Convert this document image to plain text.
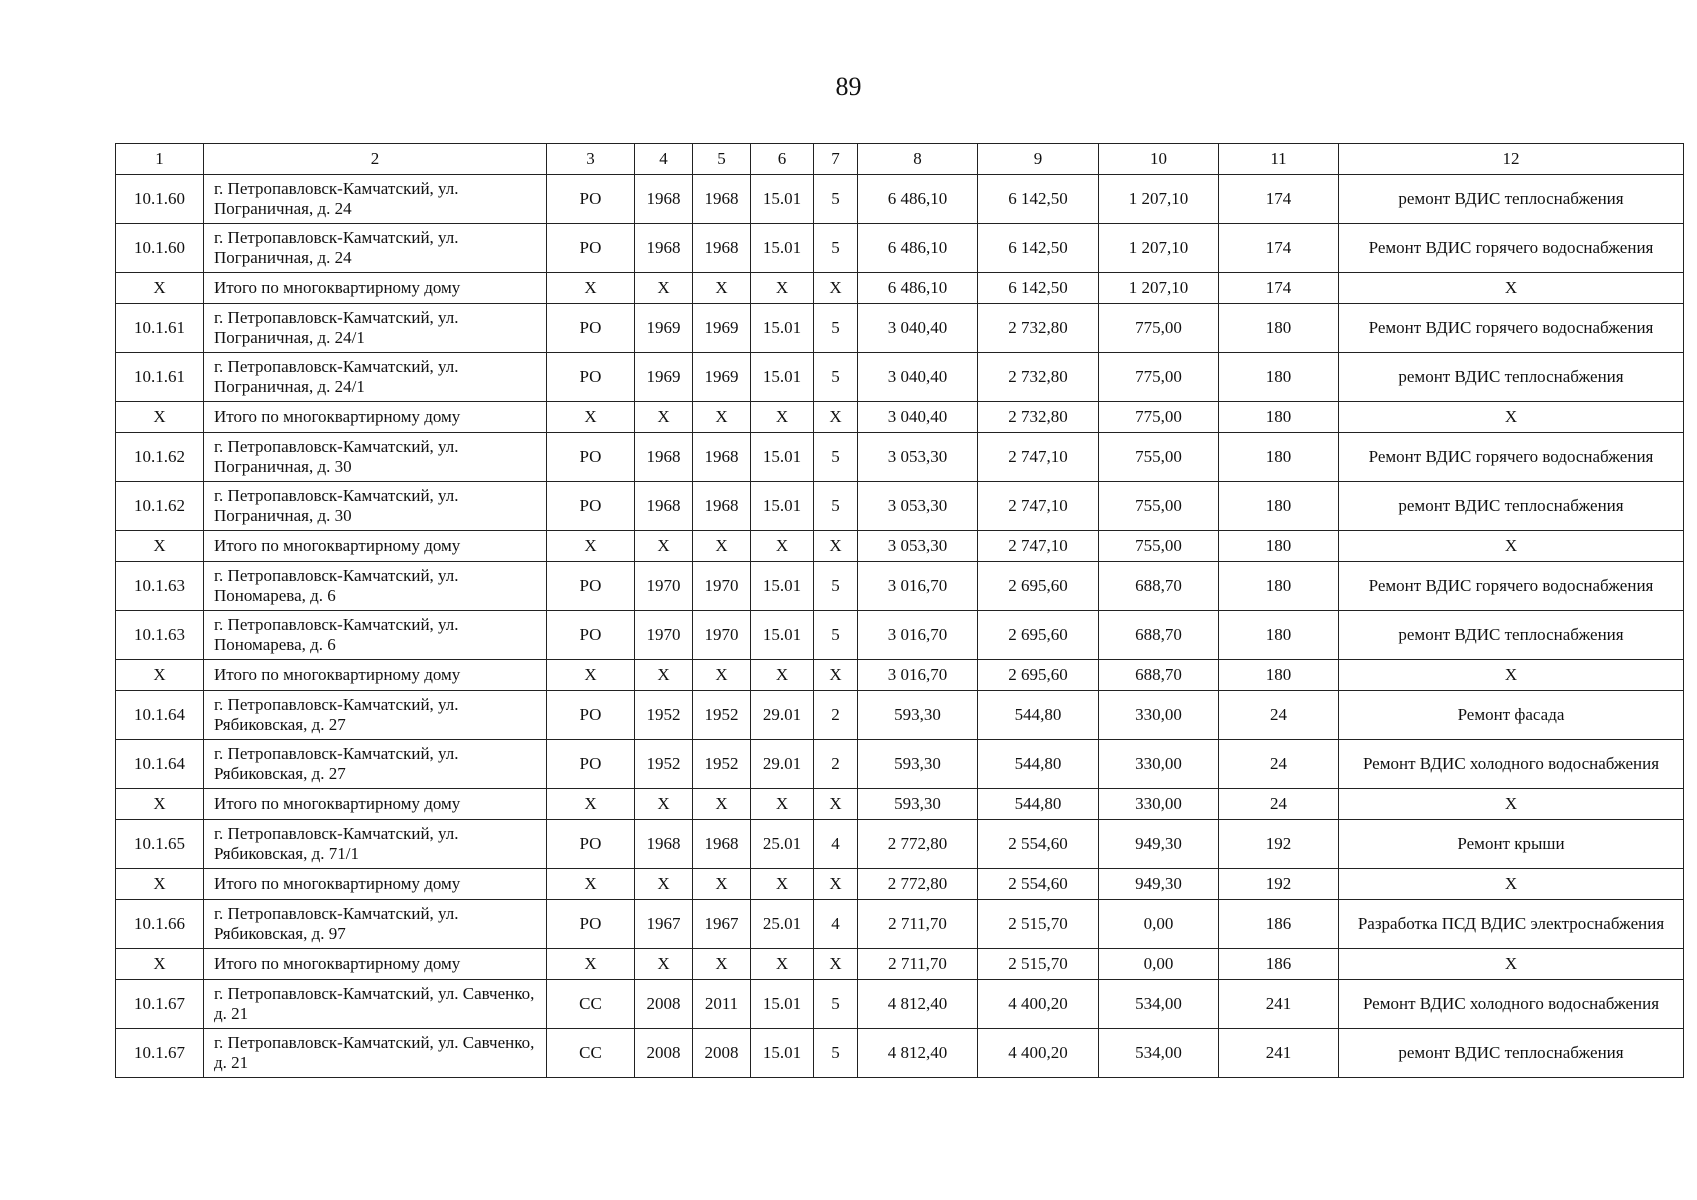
89
1	2	3	4	5	6	7	8	9	10	11	12
10.1.60	г. Петропавловск-Камчатский, ул. Пограничная, д. 24	РО	1968	1968	15.01	5	6 486,10	6 142,50	1 207,10	174	ремонт ВДИС теплоснабжения
10.1.60	г. Петропавловск-Камчатский, ул. Пограничная, д. 24	РО	1968	1968	15.01	5	6 486,10	6 142,50	1 207,10	174	Ремонт ВДИС горячего водоснабжения
X	Итого по многоквартирному дому	X	X	X	X	X	6 486,10	6 142,50	1 207,10	174	X
10.1.61	г. Петропавловск-Камчатский, ул. Пограничная, д. 24/1	РО	1969	1969	15.01	5	3 040,40	2 732,80	775,00	180	Ремонт ВДИС горячего водоснабжения
10.1.61	г. Петропавловск-Камчатский, ул. Пограничная, д. 24/1	РО	1969	1969	15.01	5	3 040,40	2 732,80	775,00	180	ремонт ВДИС теплоснабжения
X	Итого по многоквартирному дому	X	X	X	X	X	3 040,40	2 732,80	775,00	180	X
10.1.62	г. Петропавловск-Камчатский, ул. Пограничная, д. 30	РО	1968	1968	15.01	5	3 053,30	2 747,10	755,00	180	Ремонт ВДИС горячего водоснабжения
10.1.62	г. Петропавловск-Камчатский, ул. Пограничная, д. 30	РО	1968	1968	15.01	5	3 053,30	2 747,10	755,00	180	ремонт ВДИС теплоснабжения
X	Итого по многоквартирному дому	X	X	X	X	X	3 053,30	2 747,10	755,00	180	X
10.1.63	г. Петропавловск-Камчатский, ул. Пономарева, д. 6	РО	1970	1970	15.01	5	3 016,70	2 695,60	688,70	180	Ремонт ВДИС горячего водоснабжения
10.1.63	г. Петропавловск-Камчатский, ул. Пономарева, д. 6	РО	1970	1970	15.01	5	3 016,70	2 695,60	688,70	180	ремонт ВДИС теплоснабжения
X	Итого по многоквартирному дому	X	X	X	X	X	3 016,70	2 695,60	688,70	180	X
10.1.64	г. Петропавловск-Камчатский, ул. Рябиковская, д. 27	РО	1952	1952	29.01	2	593,30	544,80	330,00	24	Ремонт фасада
10.1.64	г. Петропавловск-Камчатский, ул. Рябиковская, д. 27	РО	1952	1952	29.01	2	593,30	544,80	330,00	24	Ремонт ВДИС холодного водоснабжения
X	Итого по многоквартирному дому	X	X	X	X	X	593,30	544,80	330,00	24	X
10.1.65	г. Петропавловск-Камчатский, ул. Рябиковская, д. 71/1	РО	1968	1968	25.01	4	2 772,80	2 554,60	949,30	192	Ремонт крыши
X	Итого по многоквартирному дому	X	X	X	X	X	2 772,80	2 554,60	949,30	192	X
10.1.66	г. Петропавловск-Камчатский, ул. Рябиковская, д. 97	РО	1967	1967	25.01	4	2 711,70	2 515,70	0,00	186	Разработка ПСД ВДИС электроснабжения
X	Итого по многоквартирному дому	X	X	X	X	X	2 711,70	2 515,70	0,00	186	X
10.1.67	г. Петропавловск-Камчатский, ул. Савченко, д. 21	СС	2008	2011	15.01	5	4 812,40	4 400,20	534,00	241	Ремонт ВДИС холодного водоснабжения
10.1.67	г. Петропавловск-Камчатский, ул. Савченко, д. 21	СС	2008	2008	15.01	5	4 812,40	4 400,20	534,00	241	ремонт ВДИС теплоснабжения
